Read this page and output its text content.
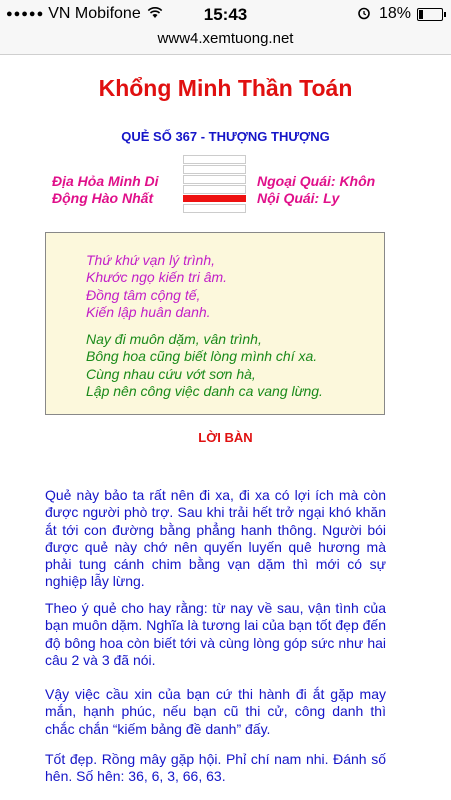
●●●●● VN Mobifone	15:43	18%
www4.xemtuong.net
Khổng Minh Thần Toán
QUẺ SỐ 367 - THƯỢNG THƯỢNG
Địa Hỏa Minh Di
Động Hào Nhất
Ngoại Quái: Khôn
Nội Quái: Ly
Thứ khứ vạn lý trình,
Khước ngọ kiến tri âm.
Đồng tâm cộng tế,
Kiến lập huân danh.
Nay đi muôn dặm, vân trình,
Bông hoa cũng biết lòng mình chí xa.
Cùng nhau cứu vớt sơn hà,
Lập nên công việc danh ca vang lừng.
LỜI BÀN
Quẻ này bảo ta rất nên đi xa, đi xa có lợi ích mà còn được người phò trợ. Sau khi trải hết trở ngại khó khăn ắt tới con đường bằng phẳng hanh thông. Người bói được quẻ này chớ nên quyến luyến quê hương mà phải tung cánh chim bằng vạn dặm thì mới có sự nghiệp lẫy lừng.
Theo ý quẻ cho hay rằng: từ nay về sau, vận tình của bạn muôn dặm. Nghĩa là tương lai của bạn tốt đẹp đến độ bông hoa còn biết tới và cùng lòng góp sức như hai câu 2 và 3 đã nói.
Vậy việc cầu xin của bạn cứ thi hành đi ắt gặp may mắn, hạnh phúc, nếu bạn cũ thi cử, công danh thì chắc chắn “kiếm bảng đề danh” đấy.
Tốt đẹp. Rồng mây gặp hội. Phỉ chí nam nhi. Đánh số hên. Số hên: 36, 6, 3, 66, 63.
